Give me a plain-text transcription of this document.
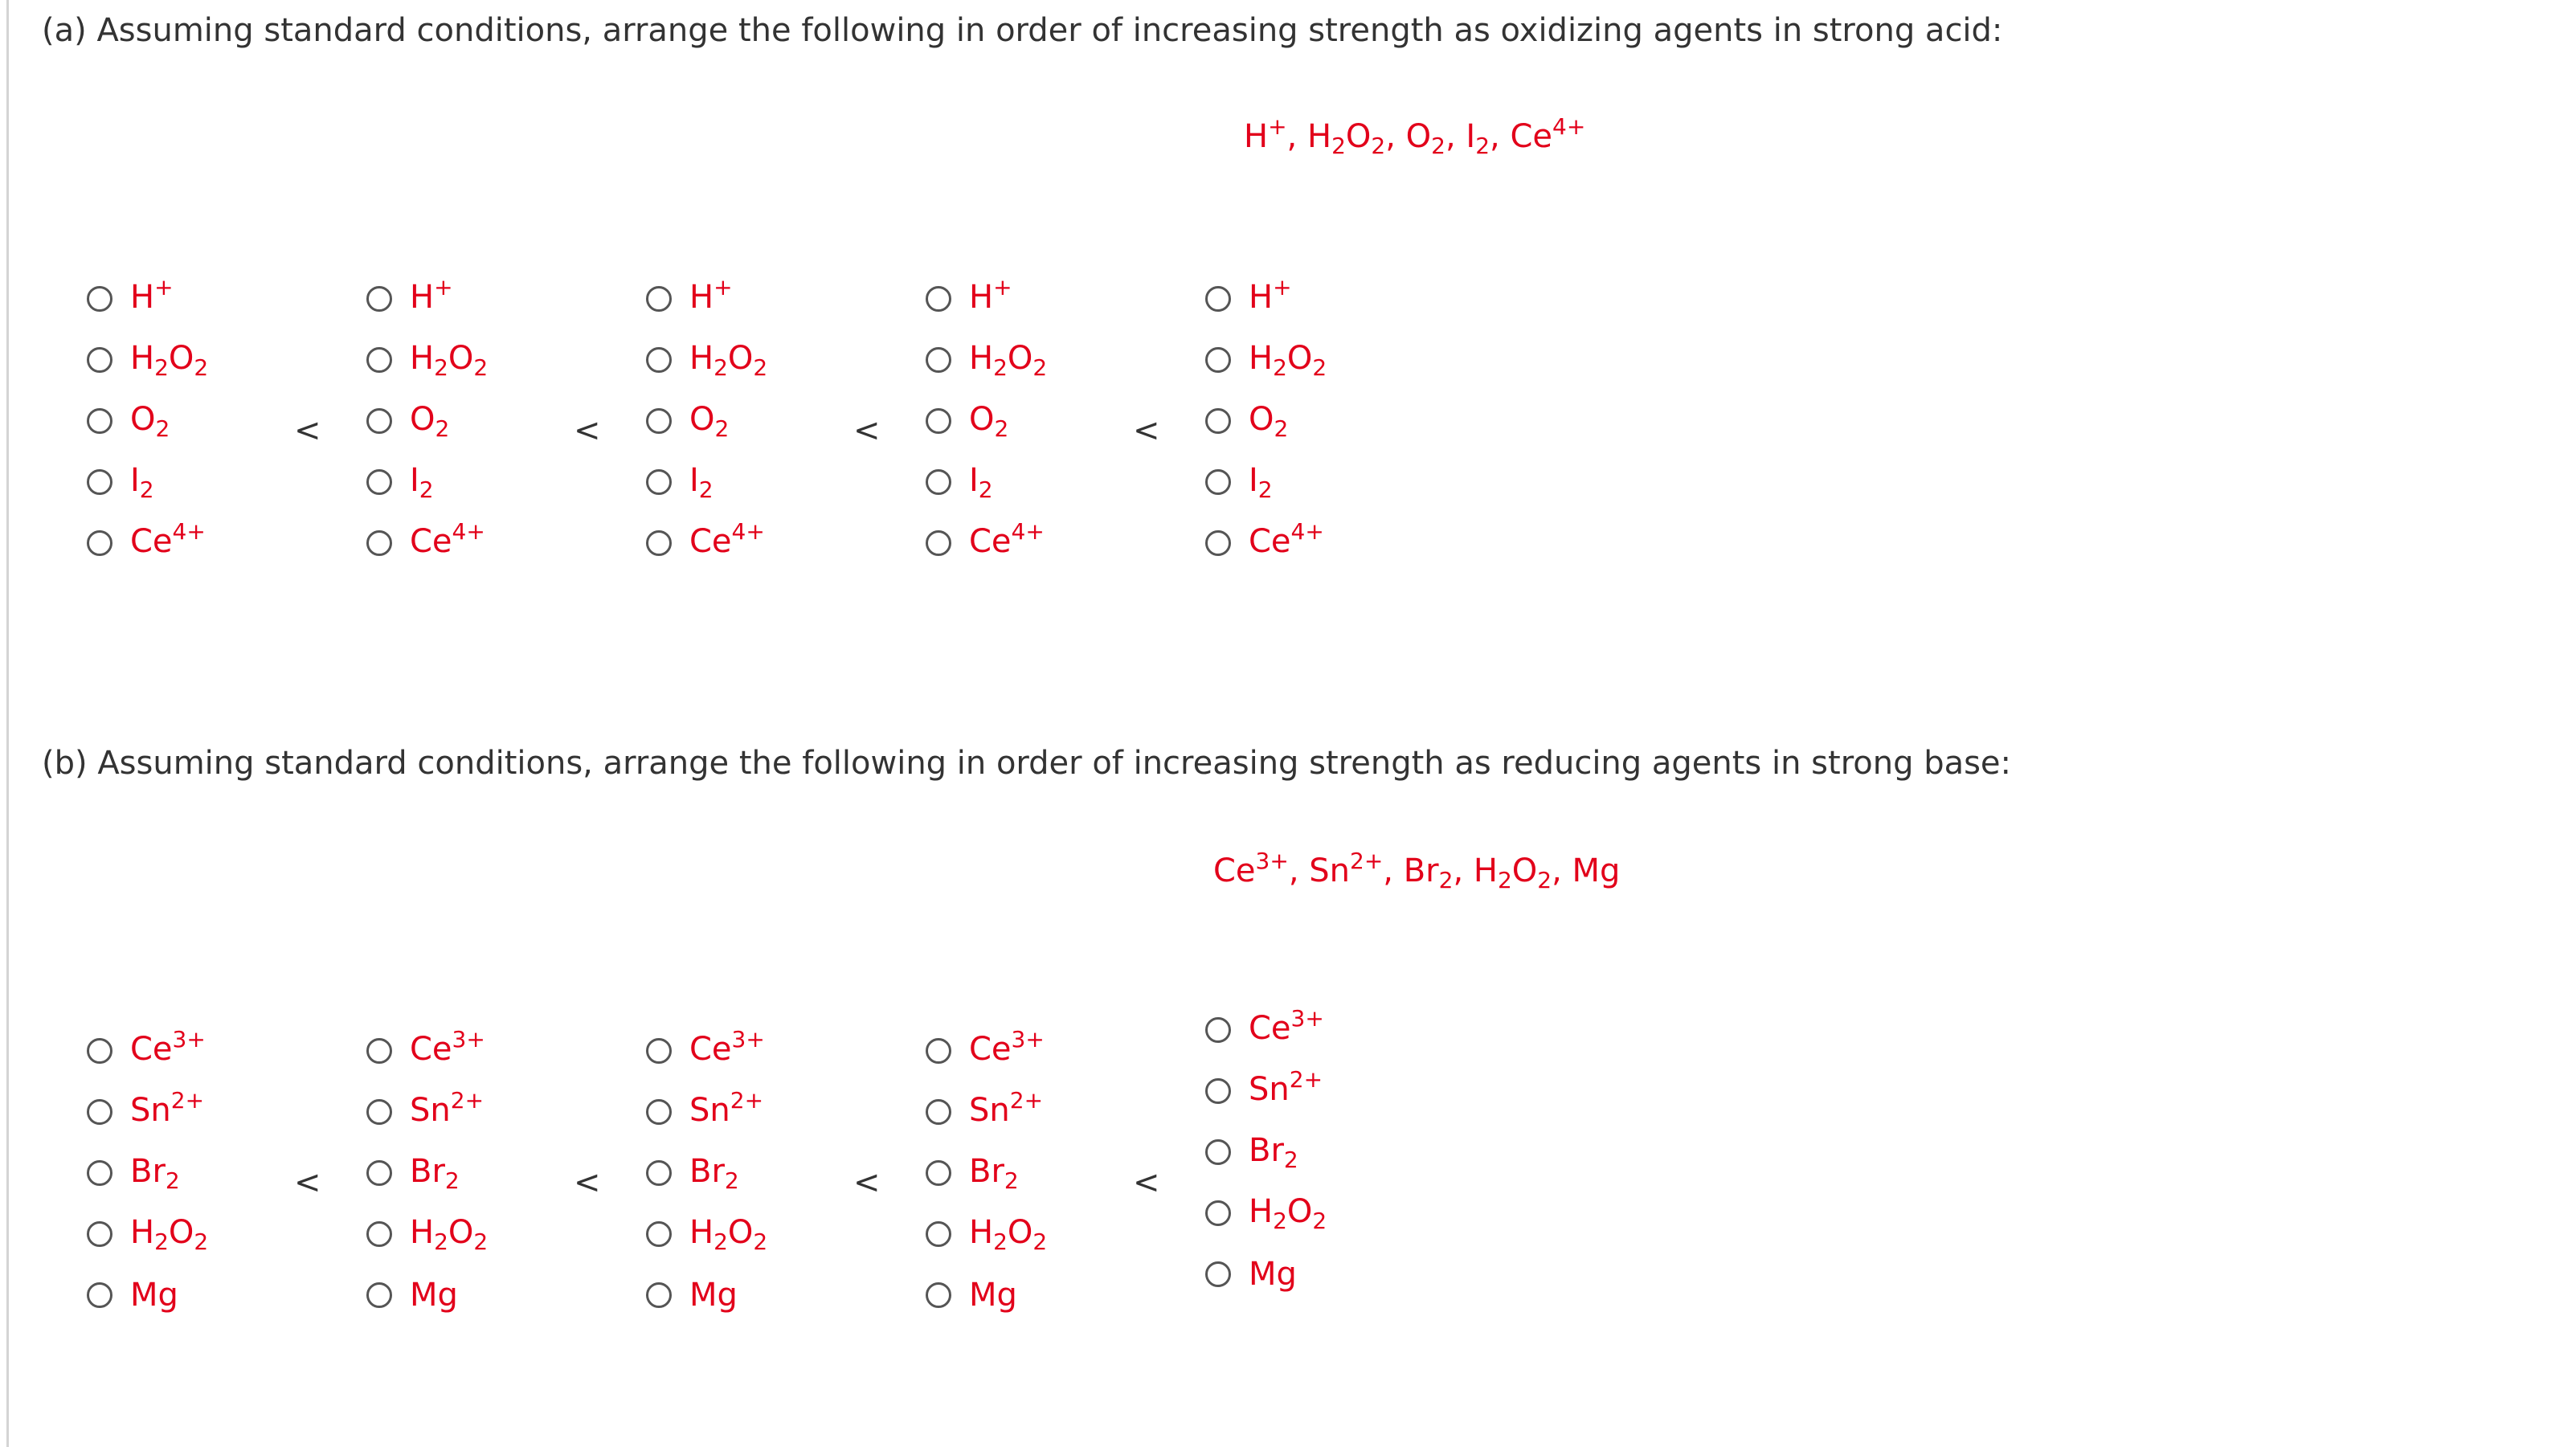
(a) Assuming standard conditions, arrange the following in order of increasing strength as oxidizing agents in strong acid:
H+, $H_2O_2$, $O_2$, $I_2$, $Ce^{4+}$
H+
$H_2O_2$
$O_2$
$I_2$
$Ce^{4+}$
H+
$H_2O_2$
$O_2$
$I_2$
$Ce^{4+}$
H+
$H_2O_2$
$O_2$
$I_2$
$Ce^{4+}$
H+
$H_2O_2$
$O_2$
$I_2$
$Ce^{4+}$
H+
$H_2O_2$
$O_2$
$I_2$
$Ce^{4+}$
<	<	<	<
(b) Assuming standard conditions, arrange the following in order of increasing strength as reducing agents in strong base:
$Ce^{3+}$, $Sn^{2+}$, $Br_2$, $H_2O_2$, Mg
$Ce^{3+}$
$Sn^{2+}$
$Br_2$
$H_2O_2$
Mg
$Ce^{3+}$
$Sn^{2+}$
$Br_2$
$H_2O_2$
Mg
$Ce^{3+}$
$Sn^{2+}$
$Br_2$
$H_2O_2$
Mg
$Ce^{3+}$
$Sn^{2+}$
$Br_2$
$H_2O_2$
Mg
$Ce^{3+}$
$Sn^{2+}$
$Br_2$
$H_2O_2$
Mg
<	<	<	<
